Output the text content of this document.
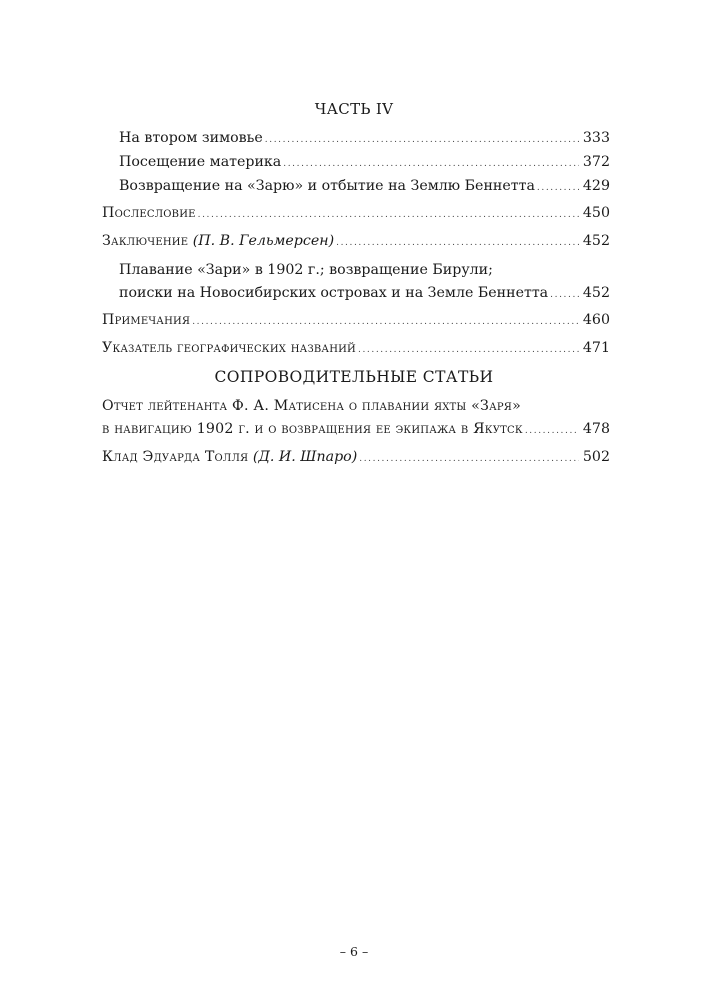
ЧАСТЬ IV
На втором зимовье .....	333
Посещение материка .....	372
Возвращение на «Зарю» и отбытие на Землю Беннетта .....	429
Послесловие .....	450
Заключение (П. В. Гельмерсен) .....	452
Плавание «Зари» в 1902 г.; возвращение Бирули;
поиски на Новосибирских островах и на Земле Беннетта ..... 452
Примечания .....	460
Указатель географических названий .....	471
СОПРОВОДИТЕЛЬНЫЕ СТАТЬИ
Отчет лейтенанта Ф. А. Матисена о плавании яхты «Заря»
в навигацию 1902 г. и о возвращения ее экипажа в Якутск .....	478
Клад Эдуарда Толля (Д. И. Шпаро) .....	502
– 6 –
